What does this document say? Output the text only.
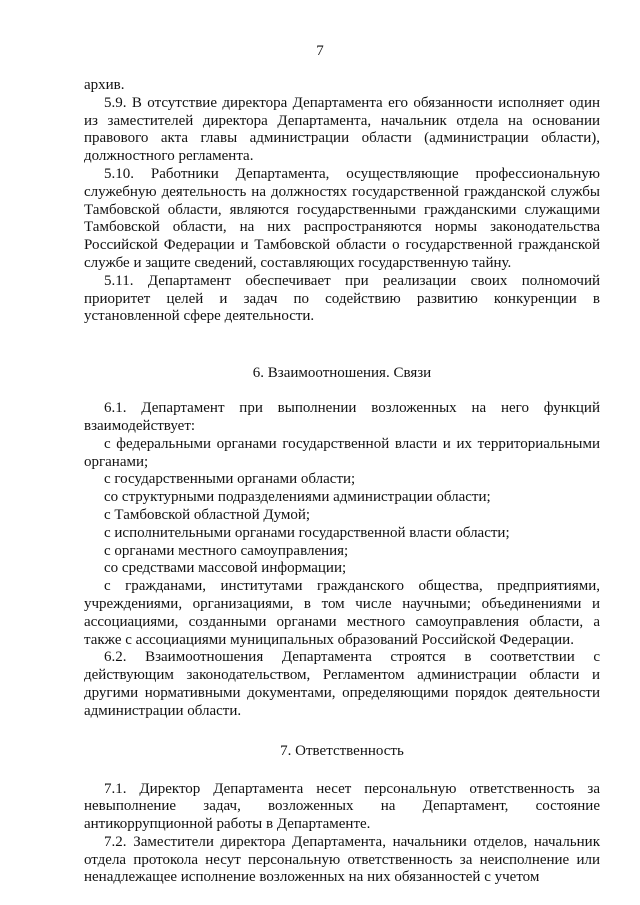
7

архив.

5.9. В отсутствие директора Департамента его обязанности исполняет один из заместителей директора Департамента, начальник отдела на основании правового акта главы администрации области (администрации области), должностного регламента.

5.10. Работники Департамента, осуществляющие профессиональную служебную деятельность на должностях государственной гражданской службы Тамбовской области, являются государственными гражданскими служащими Тамбовской области, на них распространяются нормы законодательства Российской Федерации и Тамбовской области о государственной гражданской службе и защите сведений, составляющих государственную тайну.

5.11. Департамент обеспечивает при реализации своих полномочий приоритет целей и задач по содействию развитию конкуренции в установленной сфере деятельности.

6. Взаимоотношения. Связи

6.1. Департамент при выполнении возложенных на него функций взаимодействует:

с федеральными органами государственной власти и их территориальными органами;

с государственными органами области;

со структурными подразделениями администрации области;

с Тамбовской областной Думой;

с исполнительными органами государственной власти области;

с органами местного самоуправления;

со средствами массовой информации;

с гражданами, институтами гражданского общества, предприятиями, учреждениями, организациями, в том числе научными; объединениями и ассоциациями, созданными органами местного самоуправления области, а также с ассоциациями муниципальных образований Российской Федерации.

6.2. Взаимоотношения Департамента строятся в соответствии с действующим законодательством, Регламентом администрации области и другими нормативными документами, определяющими порядок деятельности администрации области.

7. Ответственность

7.1. Директор Департамента несет персональную ответственность за невыполнение задач, возложенных на Департамент, состояние антикоррупционной работы в Департаменте.

7.2. Заместители директора Департамента, начальники отделов, начальник отдела протокола несут персональную ответственность за неисполнение или ненадлежащее исполнение возложенных на них обязанностей с учетом
